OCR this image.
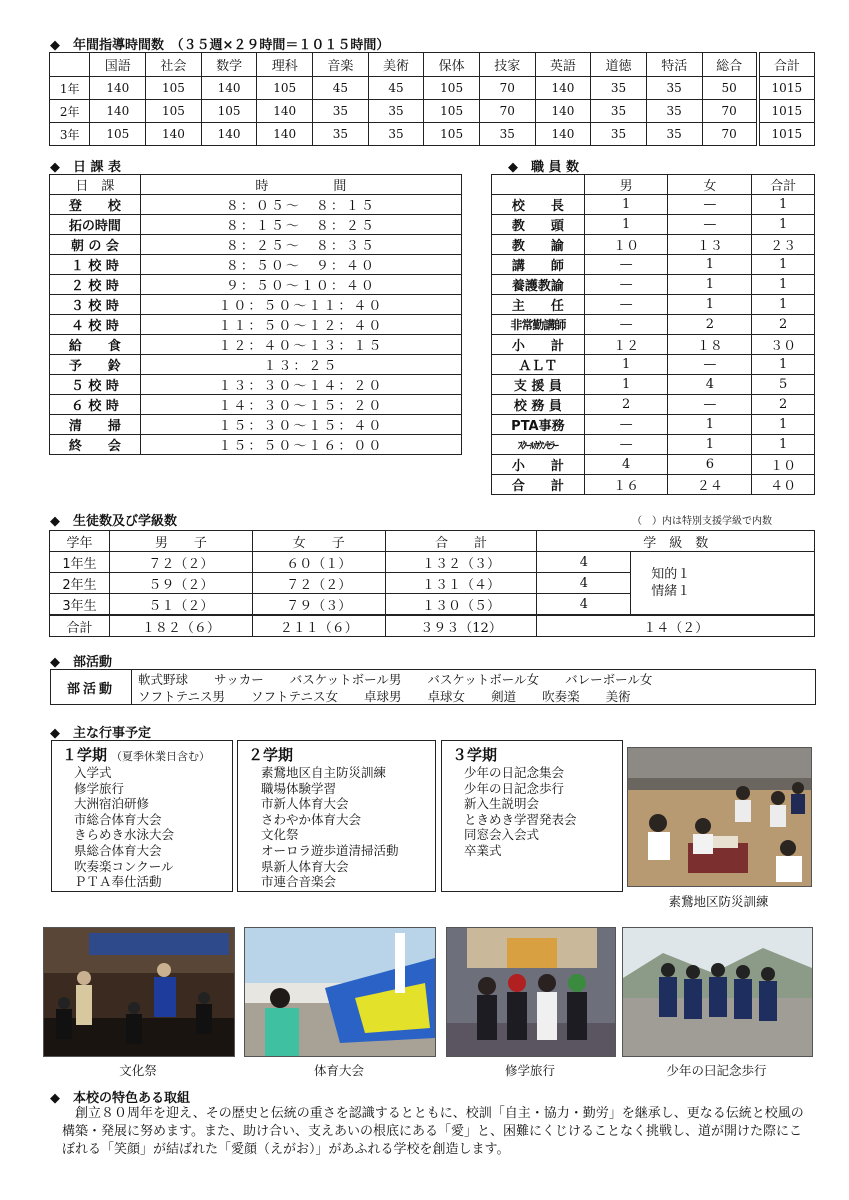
◆　年間指導時間数　（３５週×２９時間＝１０１５時間）
	国語	社会	数学	理科	音楽	美術	保体	技家	英語	道徳	特活	総合	合計
1年	140	105	140	105	45	45	105	70	140	35	35	50	1015
2年	140	105	105	140	35	35	105	70	140	35	35	70	1015
3年	105	140	140	140	35	35	105	35	140	35	35	70	1015
◆　日 課 表
日　課	時　　　　　間
登　　校	８：０５～　８：１５
拓の時間	８：１５～　８：２５
朝 の 会	８：２５～　８：３５
１ 校 時	８：５０～　９：４０
２ 校 時	９：５０～１０：４０
３ 校 時	１０：５０～１１：４０
４ 校 時	１１：５０～１２：４０
給　　食	１２：４０～１３：１５
予　　鈴	１３：２５
５ 校 時	１３：３０～１４：２０
６ 校 時	１４：３０～１５：２０
清　　掃	１５：３０～１５：４０
終　　会	１５：５０～１６：００
◆　職 員 数
	男	女	合計
校　　長	1	—	1
教　　頭	1	—	1
教　　諭	１０	１３	２３
講　　師	—	1	1
養護教諭	—	1	1
主　　任	—	1	1
非常勤講師	—	2	2
小　　計	１２	１８	３０
ＡＬＴ	1	—	1
支 援 員	1	4	5
校 務 員	2	—	2
PTA事務	—	1	1
ｽｸｰﾙｶｳﾝｾﾗｰ	—	1	1
小　　計	4	6	１０
合　　計	１６	２４	４０
◆　生徒数及び学級数	（　）内は特別支援学級で内数
学年	男　　子	女　　子	合　　計	学　級　数	
1年生	７２（２）	６０（１）	１３２（３）	4	知的１
情緒１

2年生	５９（２）	７２（２）	１３１（４）	4	
3年生	５１（２）	７９（３）	１３０（５）	4	
合計	１８２（６）	２１１（６）	３９３（12）	１４（２）	
◆　部活動
部活動
軟式野球 サッカー バスケットボール男 バスケットボール女 バレーボール女
ソフトテニス男 ソフトテニス女 卓球男 卓球女 剣道 吹奏楽 美術
◆　主な行事予定
１学期 （夏季休業日含む）
入学式
修学旅行
大洲宿泊研修
市総合体育大会
きらめき水泳大会
県総合体育大会
吹奏楽コンクール
ＰＴＡ奉仕活動
２学期
素鵞地区自主防災訓練
職場体験学習
市新人体育大会
さわやか体育大会
文化祭
オーロラ遊歩道清掃活動
県新人体育大会
市連合音楽会
３学期
少年の日記念集会
少年の日記念歩行
新入生説明会
ときめき学習発表会
同窓会入会式
卒業式
素鵞地区防災訓練
文化祭	体育大会	修学旅行	少年の曰記念歩行
◆　本校の特色ある取組
創立８０周年を迎え、その歴史と伝統の重さを認識するとともに、校訓「自主・協力・勤労」を継承し、更なる伝統と校風の構築・発展に努めます。また、助け合い、支えあいの根底にある「愛」と、困難にくじけることなく挑戦し、道が開けた際にこぼれる「笑顔」が結ばれた「愛顔（えがお）」があふれる学校を創造します。
